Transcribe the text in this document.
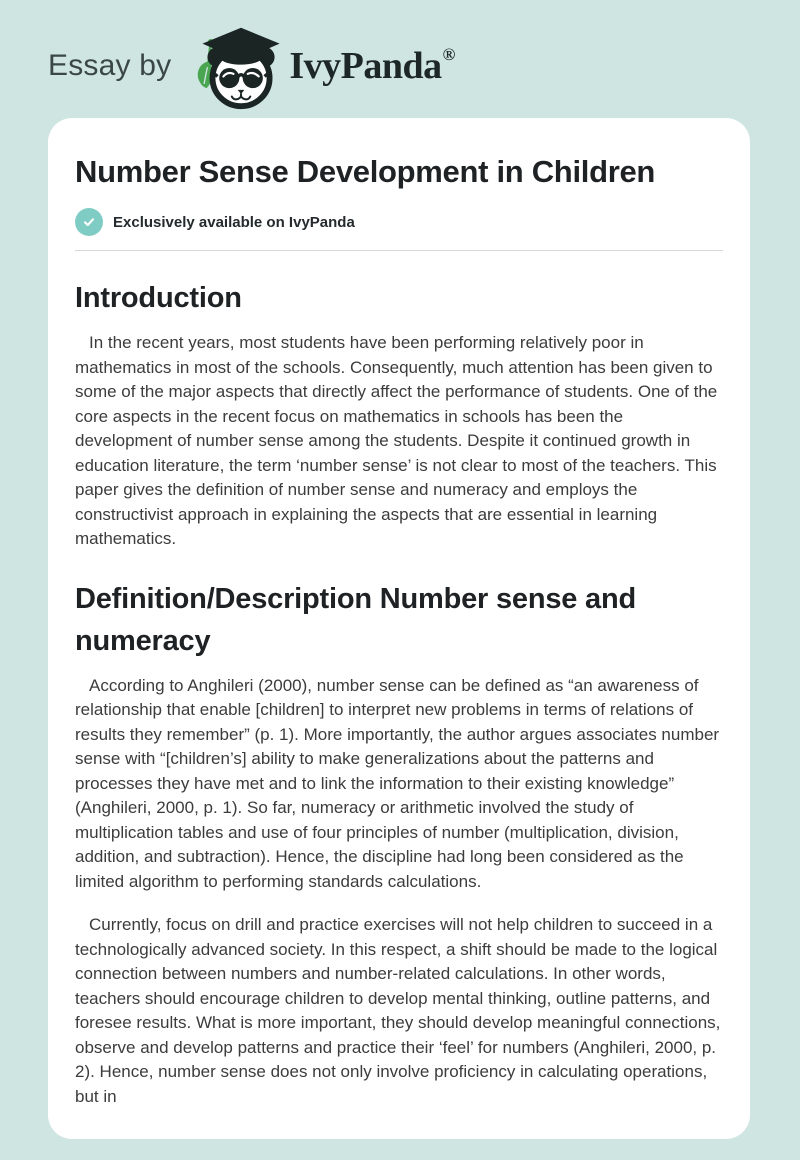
Essay by	IvyPanda®
Number Sense Development in Children
Exclusively available on IvyPanda
Introduction

In the recent years, most students have been performing relatively poor in mathematics in most of the schools. Consequently, much attention has been given to some of the major aspects that directly affect the performance of students. One of the core aspects in the recent focus on mathematics in schools has been the development of number sense among the students. Despite it continued growth in education literature, the term ‘number sense’ is not clear to most of the teachers. This paper gives the definition of number sense and numeracy and employs the constructivist approach in explaining the aspects that are essential in learning mathematics.

Definition/Description Number sense and numeracy

According to Anghileri (2000), number sense can be defined as “an awareness of relationship that enable [children] to interpret new problems in terms of relations of results they remember” (p. 1). More importantly, the author argues associates number sense with “[children’s] ability to make generalizations about the patterns and processes they have met and to link the information to their existing knowledge” (Anghileri, 2000, p. 1). So far, numeracy or arithmetic involved the study of multiplication tables and use of four principles of number (multiplication, division, addition, and subtraction). Hence, the discipline had long been considered as the limited algorithm to performing standards calculations.

Currently, focus on drill and practice exercises will not help children to succeed in a technologically advanced society. In this respect, a shift should be made to the logical connection between numbers and number-related calculations. In other words, teachers should encourage children to develop mental thinking, outline patterns, and foresee results. What is more important, they should develop meaningful connections, observe and develop patterns and practice their ‘feel’ for numbers (Anghileri, 2000, p. 2). Hence, number sense does not only involve proficiency in calculating operations, but in
